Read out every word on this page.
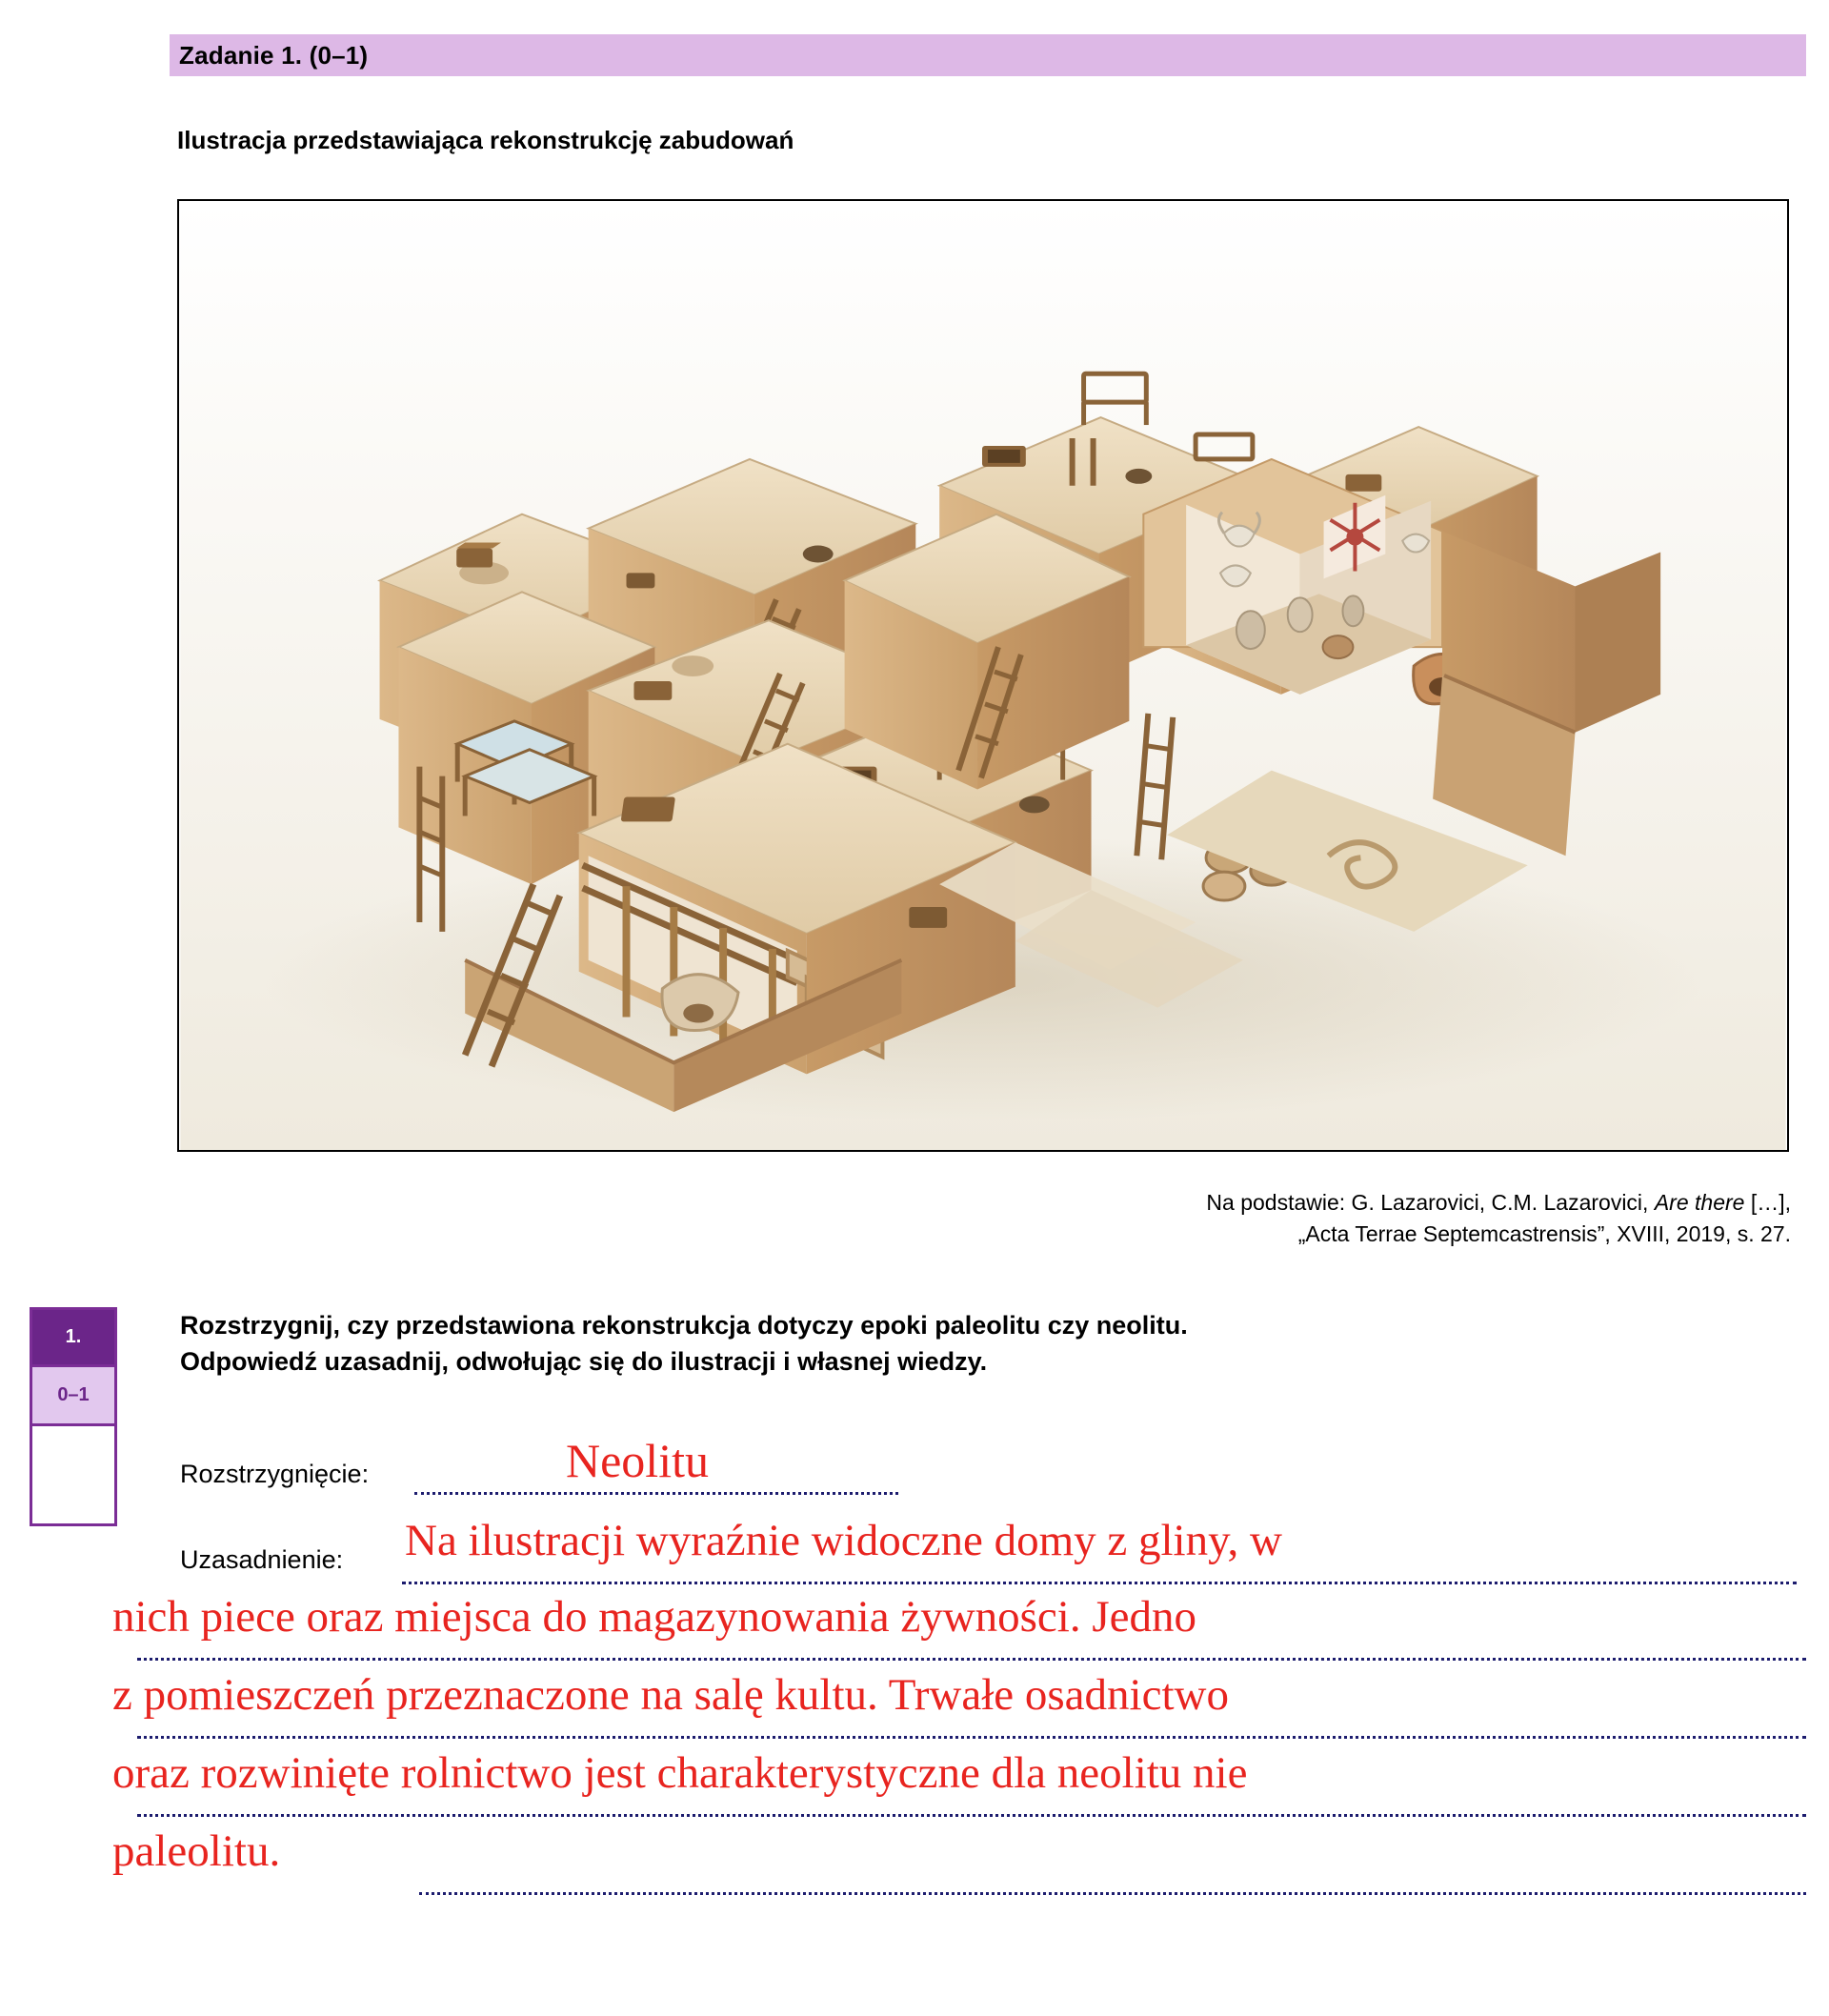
Zadanie 1. (0–1)
Ilustracja przedstawiająca rekonstrukcję zabudowań
Na podstawie: G. Lazarovici, C.M. Lazarovici, Are there […],
„Acta Terrae Septemcastrensis”, XVIII, 2019, s. 27.
1.
0–1
Rozstrzygnij, czy przedstawiona rekonstrukcja dotyczy epoki paleolitu czy neolitu.
Odpowiedź uzasadnij, odwołując się do ilustracji i własnej wiedzy.
Rozstrzygnięcie:	Neolitu
Uzasadnienie: Na ilustracji wyraźnie widoczne domy z gliny, w
nich piece oraz miejsca do magazynowania żywności. Jedno
z pomieszczeń przeznaczone na salę kultu. Trwałe osadnictwo
oraz rozwinięte rolnictwo jest charakterystyczne dla neolitu nie
paleolitu.
